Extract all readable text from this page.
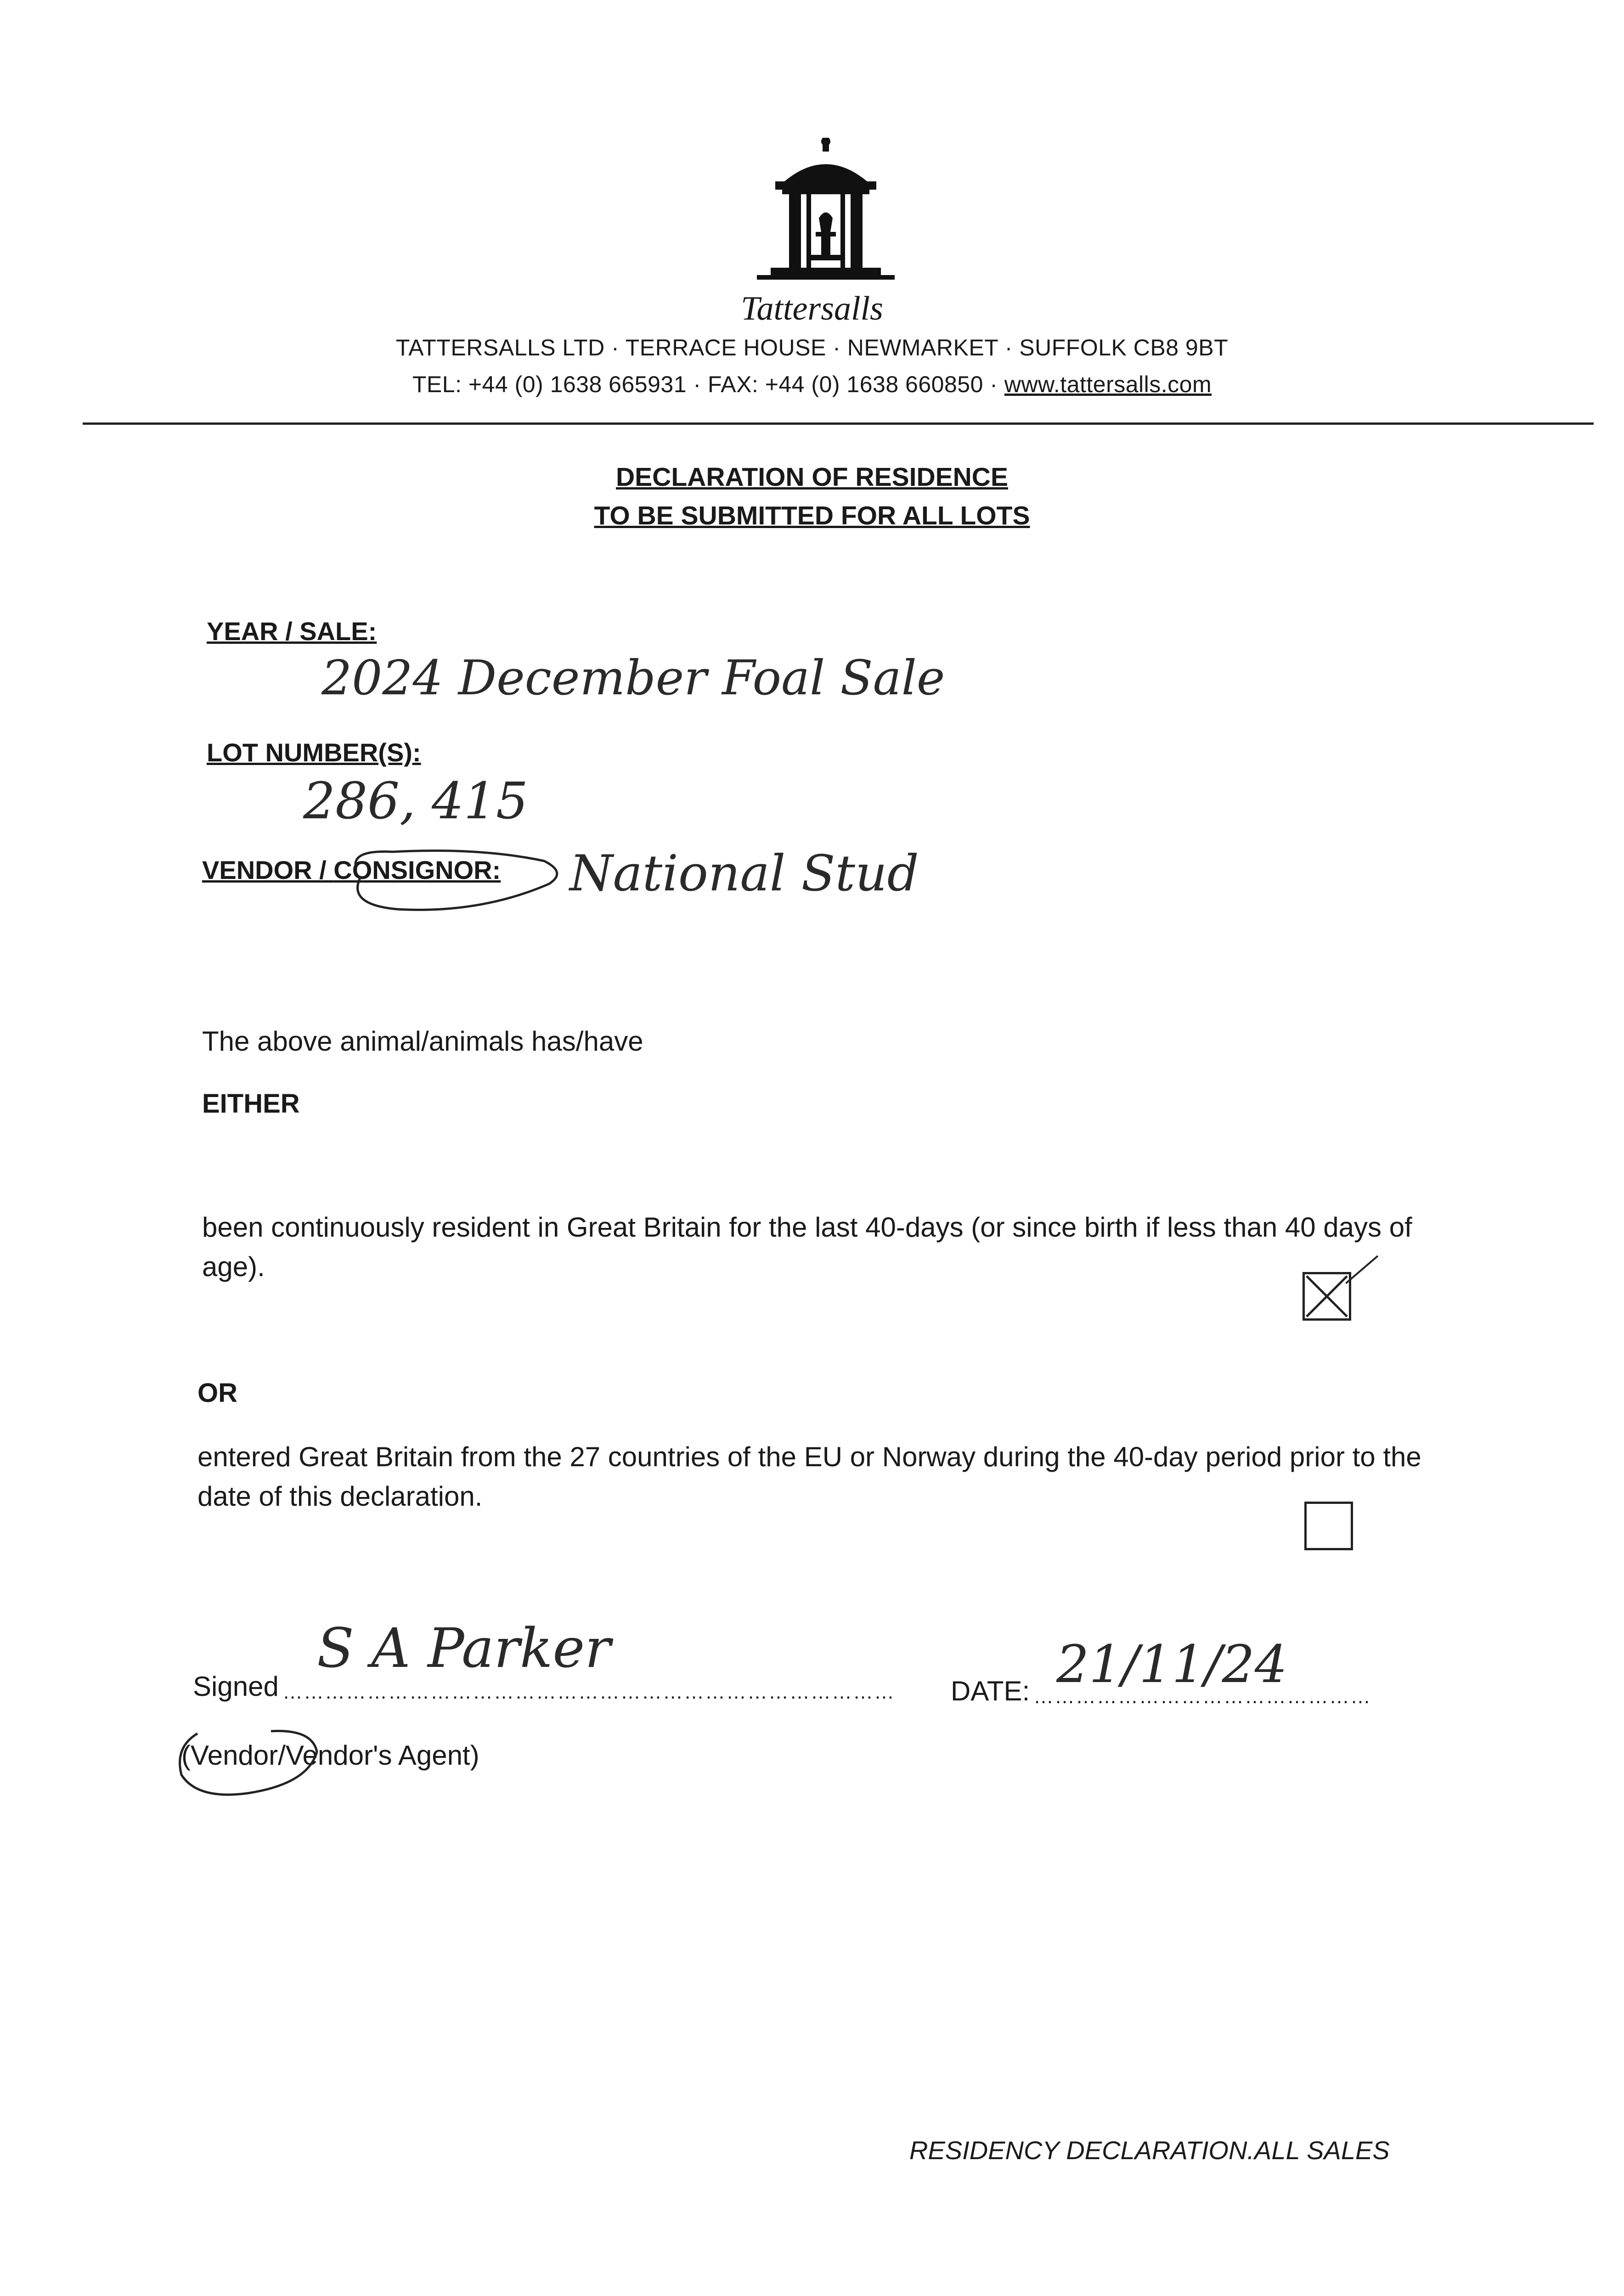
Tattersalls
TATTERSALLS LTD · TERRACE HOUSE · NEWMARKET · SUFFOLK CB8 9BT
TEL: +44 (0) 1638 665931 · FAX: +44 (0) 1638 660850 · www.tattersalls.com
DECLARATION OF RESIDENCE
TO BE SUBMITTED FOR ALL LOTS
YEAR / SALE:
2024 December Foal Sale
LOT NUMBER(S):
286, 415
VENDOR / CONSIGNOR: National Stud
The above animal/animals has/have
EITHER
been continuously resident in Great Britain for the last 40-days (or since birth if less than 40 days of age).
OR
entered Great Britain from the 27 countries of the EU or Norway during the 40-day period prior to the date of this declaration.
Signed ……………………………………………………………………………
S A Parker
DATE: …………………………………………
21/11/24
(Vendor/Vendor's Agent)
RESIDENCY DECLARATION.ALL SALES
